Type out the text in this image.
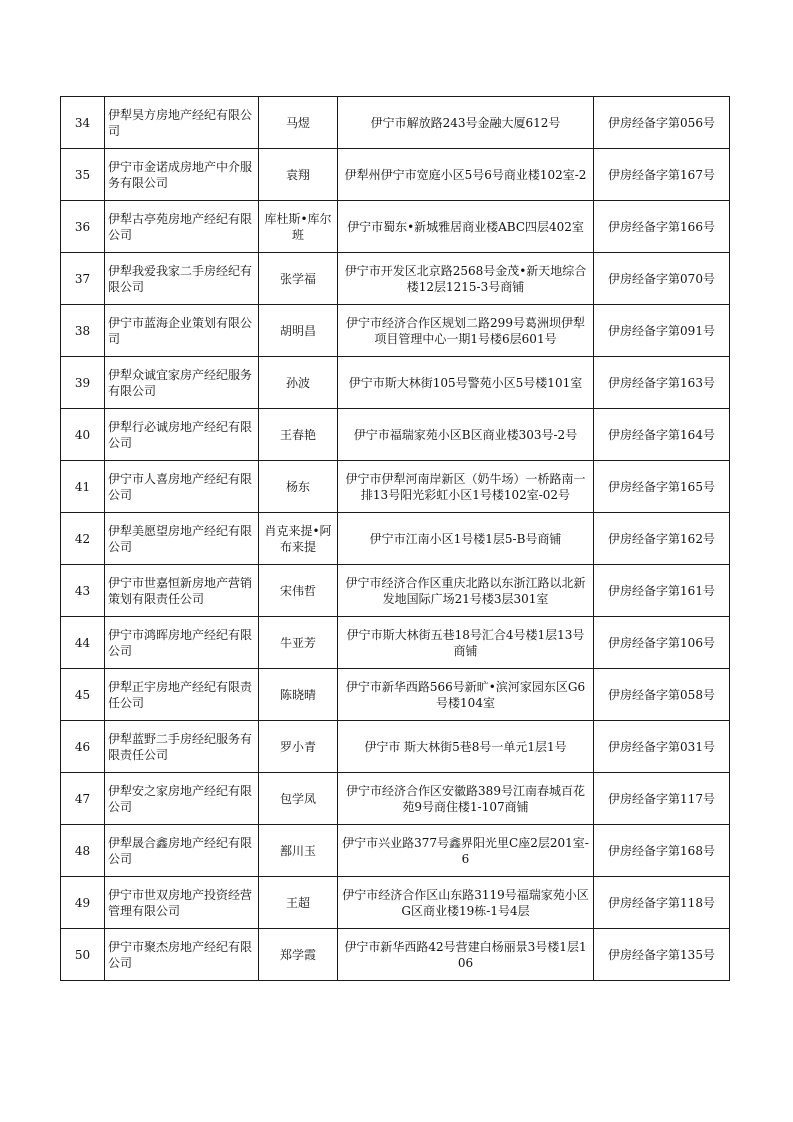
34	伊犁昊方房地产经纪有限公司	马煜	伊宁市解放路243号金融大厦612号	伊房经备字第056号
35	伊宁市金诺成房地产中介服务有限公司	袁翔	伊犁州伊宁市宽庭小区5号6号商业楼102室-2	伊房经备字第167号
36	伊犁古亭苑房地产经纪有限公司	库杜斯•库尔班	伊宁市蜀东•新城雅居商业楼ABC四层402室	伊房经备字第166号
37	伊犁我爱我家二手房经纪有限公司	张学福	伊宁市开发区北京路2568号金茂•新天地综合楼12层1215-3号商铺	伊房经备字第070号
38	伊宁市蓝海企业策划有限公司	胡明昌	伊宁市经济合作区规划二路299号葛洲坝伊犁项目管理中心一期1号楼6层601号	伊房经备字第091号
39	伊犁众诚宜家房产经纪服务有限公司	孙波	伊宁市斯大林街105号警苑小区5号楼101室	伊房经备字第163号
40	伊犁行必诚房地产经纪有限公司	王春艳	伊宁市福瑞家苑小区B区商业楼303号-2号	伊房经备字第164号
41	伊宁市人喜房地产经纪有限公司	杨东	伊宁市伊犁河南岸新区（奶牛场）一桥路南一排13号阳光彩虹小区1号楼102室-02号	伊房经备字第165号
42	伊犁美愿望房地产经纪有限公司	肖克来提•阿布来提	伊宁市江南小区1号楼1层5-B号商铺	伊房经备字第162号
43	伊宁市世嘉恒新房地产营销策划有限责任公司	宋伟哲	伊宁市经济合作区重庆北路以东浙江路以北新发地国际广场21号楼3层301室	伊房经备字第161号
44	伊宁市鸿晖房地产经纪有限公司	牛亚芳	伊宁市斯大林街五巷18号汇合4号楼1层13号商铺	伊房经备字第106号
45	伊犁正宇房地产经纪有限责任公司	陈晓晴	伊宁市新华西路566号新旷•滨河家园东区G6号楼104室	伊房经备字第058号
46	伊犁蓝野二手房经纪服务有限责任公司	罗小青	伊宁市 斯大林街5巷8号一单元1层1号	伊房经备字第031号
47	伊犁安之家房地产经纪有限公司	包学凤	伊宁市经济合作区安徽路389号江南春城百花苑9号商住楼1-107商铺	伊房经备字第117号
48	伊犁晟合鑫房地产经纪有限公司	鄯川玉	伊宁市兴业路377号鑫界阳光里C座2层201室-6	伊房经备字第168号
49	伊宁市世双房地产投资经营管理有限公司	王超	伊宁市经济合作区山东路3119号福瑞家苑小区G区商业楼19栋-1号4层	伊房经备字第118号
50	伊宁市聚杰房地产经纪有限公司	郑学霞	伊宁市新华西路42号营建白杨丽景3号楼1层106	伊房经备字第135号
